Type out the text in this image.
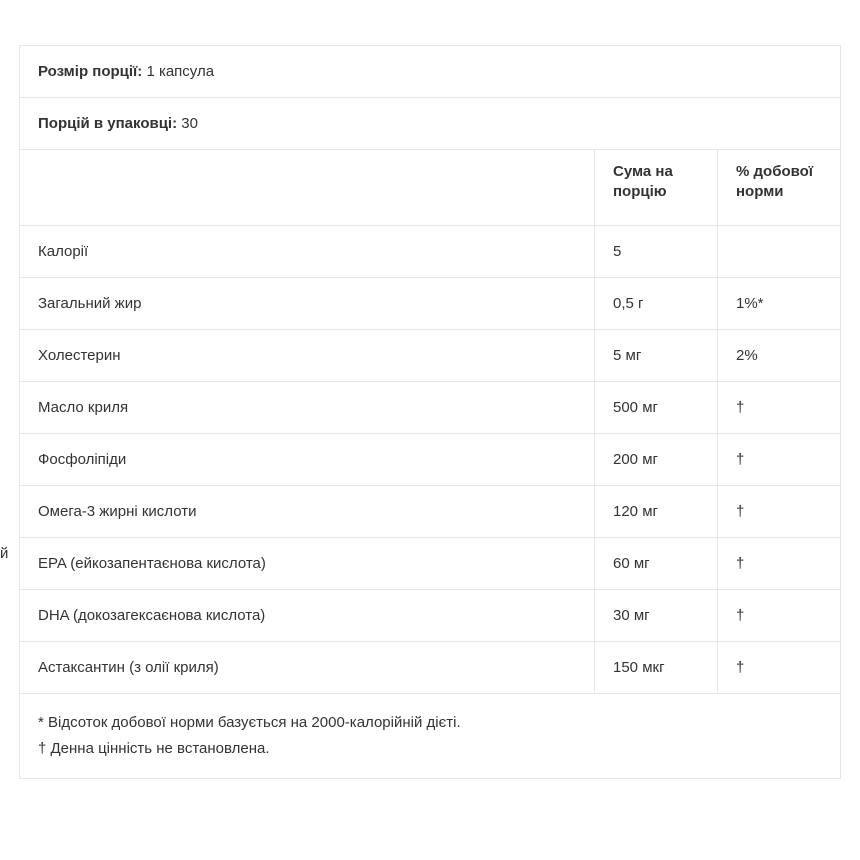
й
Розмір порції: 1 капсула		
Порцій в упаковці: 30		
	Сума на порцію	% добової норми
Калорії	5	
Загальний жир	0,5 г	1%*
Холестерин	5 мг	2%
Масло криля	500 мг	†
Фосфоліпіди	200 мг	†
Омега-3 жирні кислоти	120 мг	†
EPA (ейкозапентаєнова кислота)	60 мг	†
DHA (докозагексаєнова кислота)	30 мг	†
Астаксантин (з олії криля)	150 мкг	†

* Відсоток добової норми базується на 2000-калорійній дієті.
† Денна цінність не встановлена.		
